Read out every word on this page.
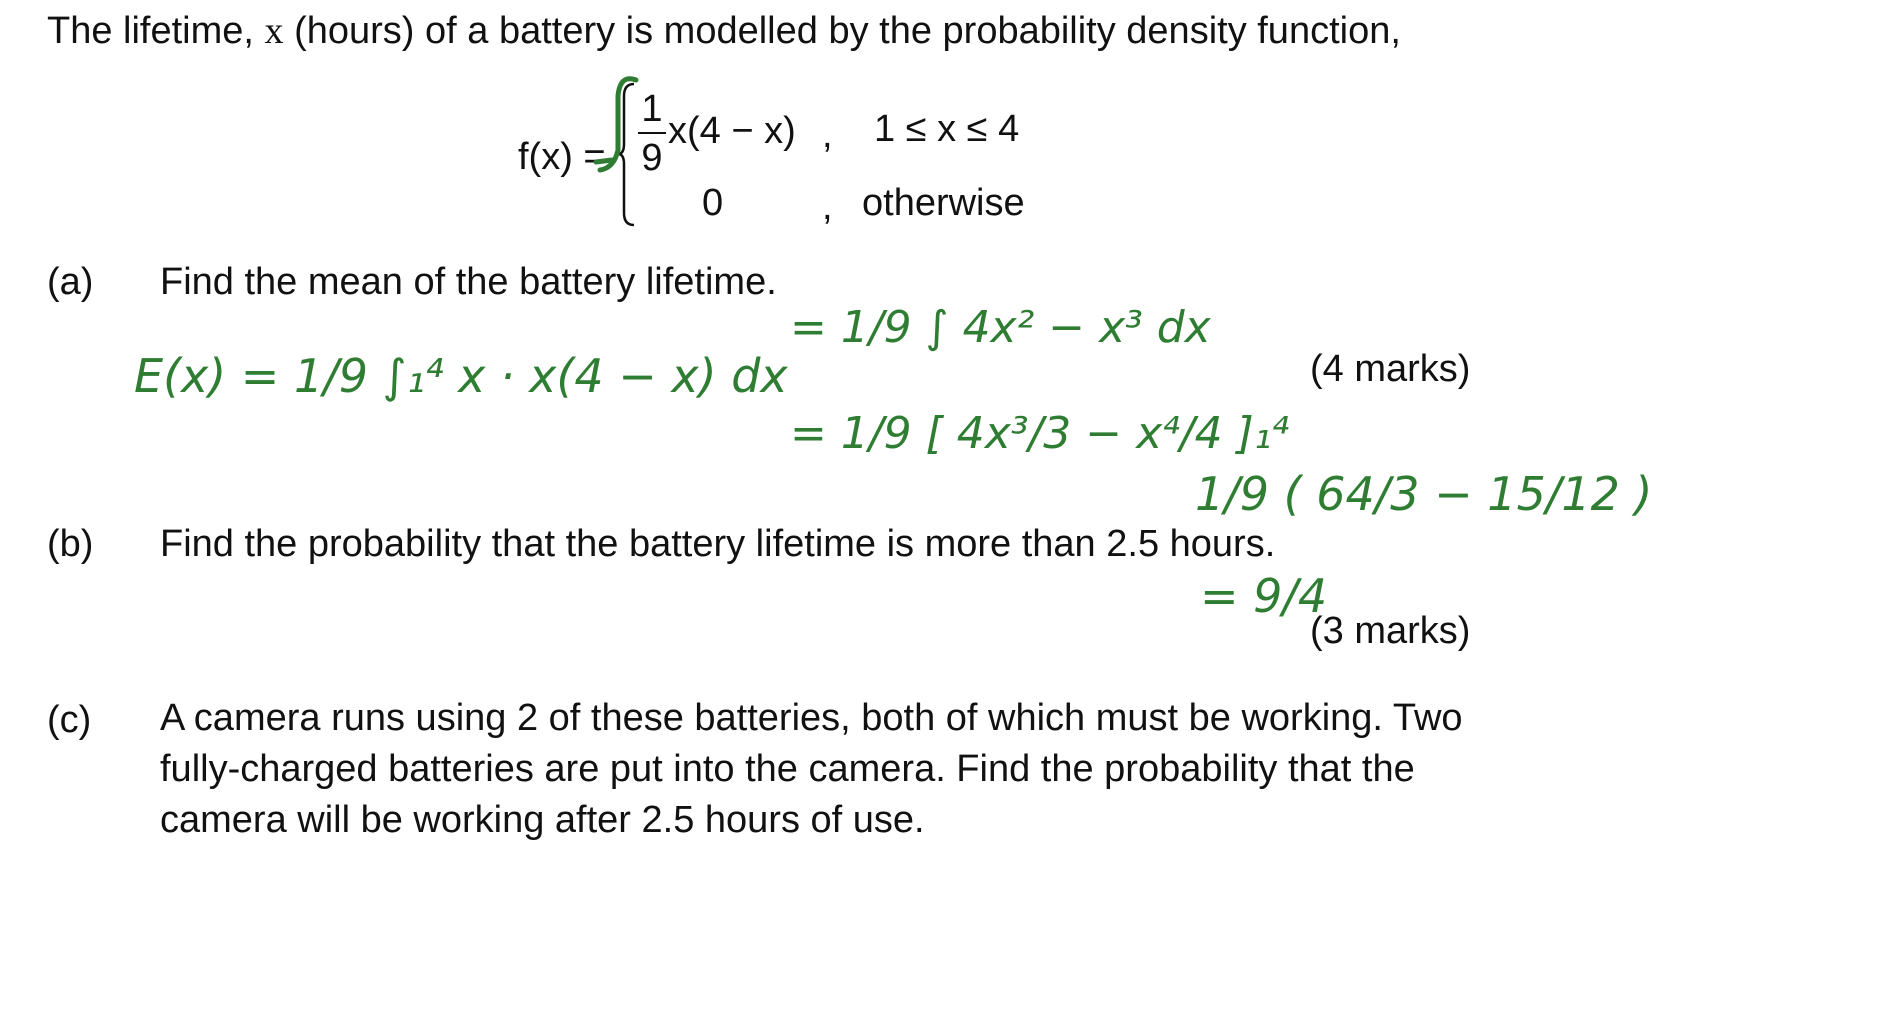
The lifetime, x (hours) of a battery is modelled by the probability density function,
f(x) =
1
9
x(4 − x) , 1 ≤ x ≤ 4
0	, otherwise
(a) Find the mean of the battery lifetime.
(4 marks)
(b) Find the probability that the battery lifetime is more than 2.5 hours.
(3 marks)
(c) A camera runs using 2 of these batteries, both of which must be working. Two fully-charged batteries are put into the camera. Find the probability that the camera will be working after 2.5 hours of use.
E(x) = 1/9 ∫₁⁴ x · x(4 − x) dx
= 1/9 ∫ 4x² − x³ dx
= 1/9 [ 4x³/3 − x⁴/4 ]₁⁴
1/9 ( 64/3 − 15/12 )
= 9/4
